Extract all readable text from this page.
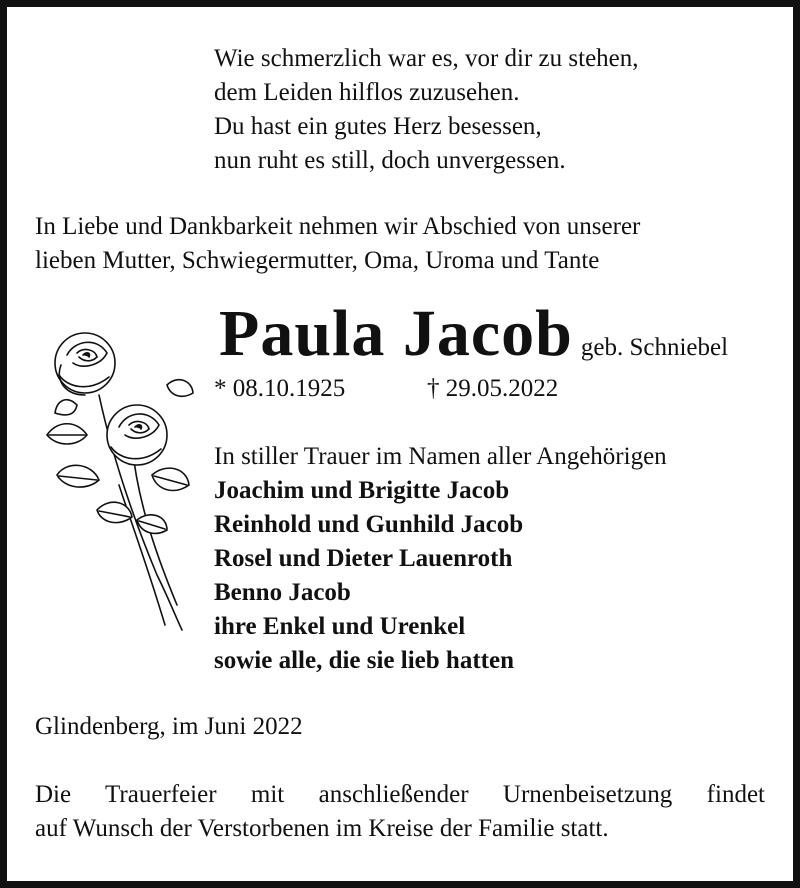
Wie schmerzlich war es, vor dir zu stehen,
dem Leiden hilflos zuzusehen.
Du hast ein gutes Herz besessen,
nun ruht es still, doch unvergessen.
In Liebe und Dankbarkeit nehmen wir Abschied von unserer
lieben Mutter, Schwiegermutter, Oma, Uroma und Tante
Paula Jacob geb. Schniebel
* 08.10.1925	† 29.05.2022
In stiller Trauer im Namen aller Angehörigen
Joachim und Brigitte Jacob
Reinhold und Gunhild Jacob
Rosel und Dieter Lauenroth
Benno Jacob
ihre Enkel und Urenkel
sowie alle, die sie lieb hatten
Glindenberg, im Juni 2022
Die Trauerfeier mit anschließender Urnenbeisetzung findet
auf Wunsch der Verstorbenen im Kreise der Familie statt.
